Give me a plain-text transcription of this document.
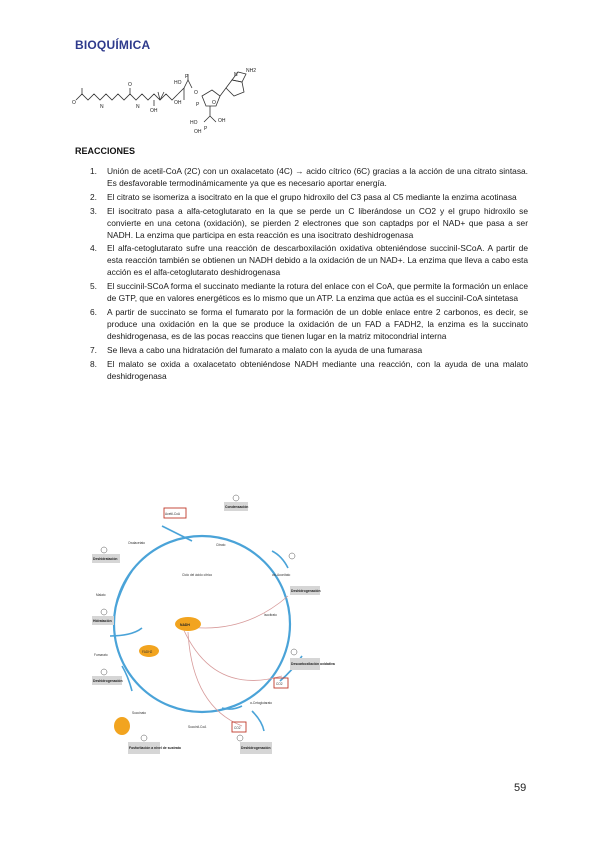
BIOQUÍMICA
O
N
O
N
OH
HO
P
OH
O
N
NH2
P	O
OH
HO
P
OH
REACCIONES
1. Unión de acetil-CoA (2C) con un oxalacetato (4C) → acido cítrico (6C) gracias a la acción de una citrato sintasa. Es desfavorable termodinámicamente ya que es necesario aportar energía.
2. El citrato se isomeriza a isocitrato en la que el grupo hidroxilo del C3 pasa al C5 mediante la enzima acotinasa
3. El isocitrato pasa a alfa-cetoglutarato en la que se perde un C liberándose un CO2 y el grupo hidroxilo se convierte en una cetona (oxidación), se pierden 2 electrones que son captadps por el NAD+ que pasa a ser NADH. La enzima que participa en esta reacción es una isocitrato deshidrogenasa
4. El alfa-cetoglutarato sufre una reacción de descarboxilación oxidativa obteniéndose succinil-SCoA. A partir de esta reacción también se obtienen un NADH debido a la oxidación de un NAD+. La enzima que lleva a cabo esta acción es el alfa-cetoglutarato deshidrogenasa
5. El succinil-SCoA forma el succinato mediante la rotura del enlace con el CoA, que permite la formación un enlace de GTP, que en valores energéticos es lo mismo que un ATP. La enzima que actúa es el succinil-CoA sintetasa
6. A partir de succinato se forma el fumarato por la formación de un doble enlace entre 2 carbonos, es decir, se produce una oxidación en la que se produce la oxidación de un FAD a FADH2, la enzima es la succinato deshidrogenasa, es de las pocas reaccins que tienen lugar en la matriz mitocondrial interna
7. Se lleva a cabo una hidratación del fumarato a malato con la ayuda de una fumarasa
8. El malato se oxida a oxalacetato obteniéndose NADH mediante una reacción, con la ayuda de una malato deshidrogenasa
Acetil-CoA
Condensación
Deshidratación
Hidratación
Deshidrogenación
Descarboxilación oxidativa
Fosforilación a nivel de sustrato
Deshidrogenación
Deshidrogenación
Ciclo del ácido cítrico
NADH
FADH2
CO2
CO2
Oxalacetato	Citrato
cis-Aconitato
Isocitrato
α-Cetoglutarato
Succinil-CoA
Succinato
Fumarato
Malato
59
